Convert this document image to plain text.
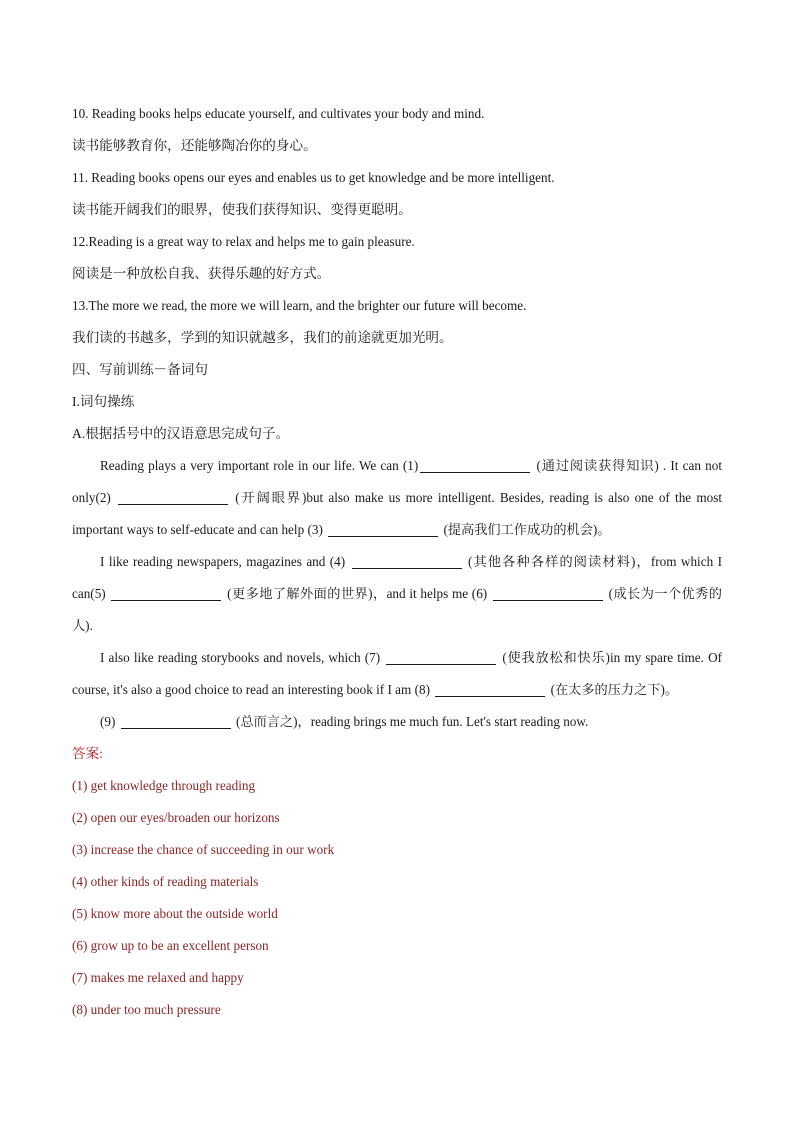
10. Reading books helps educate yourself, and cultivates your body and mind.
读书能够教育你，还能够陶冶你的身心。
11. Reading books opens our eyes and enables us to get knowledge and be more intelligent.
读书能开阔我们的眼界，使我们获得知识、变得更聪明。
12.Reading is a great way to relax and helps me to gain pleasure.
阅读是一种放松自我、获得乐趣的好方式。
13.The more we read, the more we will learn, and the brighter our future will become.
我们读的书越多，学到的知识就越多，我们的前途就更加光明。
四、写前训练－备词句
I.词句操练
A.根据括号中的汉语意思完成句子。

Reading plays a very important role in our life. We can (1)	(通过阅读获得知识) . It can not only(2)	(开阔眼界)but also make us more intelligent. Besides, reading is also one of the most important ways to self-educate and can help (3)	(提高我们工作成功的机会)。

I like reading newspapers, magazines and (4)	(其他各种各样的阅读材料)，from which I can(5)	(更多地了解外面的世界)，and it helps me (6)	(成长为一个优秀的人).

I also like reading storybooks and novels, which (7)	(使我放松和快乐)in my spare time. Of course, it's also a good choice to read an interesting book if I am (8)	(在太多的压力之下)。

(9)	(总而言之)，reading brings me much fun. Let's start reading now.

答案:
(1) get knowledge through reading
(2) open our eyes/broaden our horizons
(3) increase the chance of succeeding in our work
(4) other kinds of reading materials
(5) know more about the outside world
(6) grow up to be an excellent person
(7) makes me relaxed and happy
(8) under too much pressure
